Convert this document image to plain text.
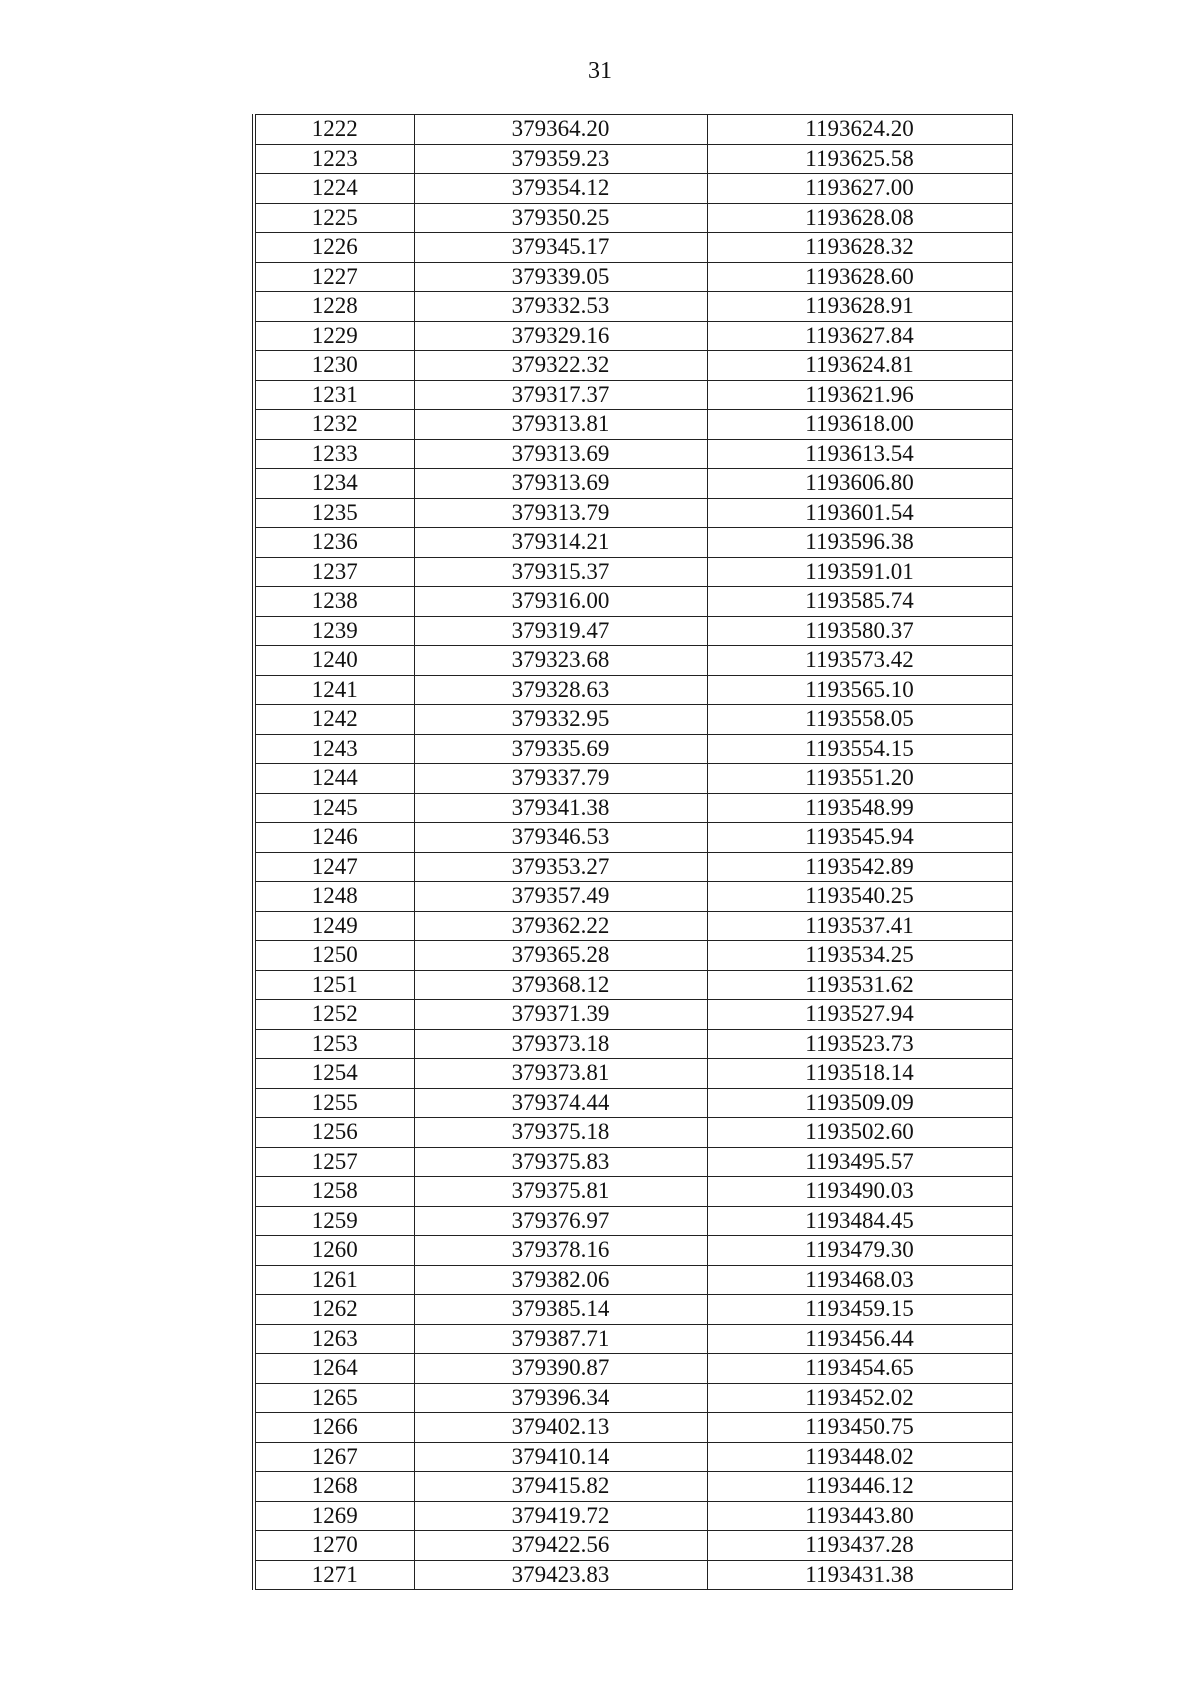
31
1222	379364.20	1193624.20
1223	379359.23	1193625.58
1224	379354.12	1193627.00
1225	379350.25	1193628.08
1226	379345.17	1193628.32
1227	379339.05	1193628.60
1228	379332.53	1193628.91
1229	379329.16	1193627.84
1230	379322.32	1193624.81
1231	379317.37	1193621.96
1232	379313.81	1193618.00
1233	379313.69	1193613.54
1234	379313.69	1193606.80
1235	379313.79	1193601.54
1236	379314.21	1193596.38
1237	379315.37	1193591.01
1238	379316.00	1193585.74
1239	379319.47	1193580.37
1240	379323.68	1193573.42
1241	379328.63	1193565.10
1242	379332.95	1193558.05
1243	379335.69	1193554.15
1244	379337.79	1193551.20
1245	379341.38	1193548.99
1246	379346.53	1193545.94
1247	379353.27	1193542.89
1248	379357.49	1193540.25
1249	379362.22	1193537.41
1250	379365.28	1193534.25
1251	379368.12	1193531.62
1252	379371.39	1193527.94
1253	379373.18	1193523.73
1254	379373.81	1193518.14
1255	379374.44	1193509.09
1256	379375.18	1193502.60
1257	379375.83	1193495.57
1258	379375.81	1193490.03
1259	379376.97	1193484.45
1260	379378.16	1193479.30
1261	379382.06	1193468.03
1262	379385.14	1193459.15
1263	379387.71	1193456.44
1264	379390.87	1193454.65
1265	379396.34	1193452.02
1266	379402.13	1193450.75
1267	379410.14	1193448.02
1268	379415.82	1193446.12
1269	379419.72	1193443.80
1270	379422.56	1193437.28
1271	379423.83	1193431.38
